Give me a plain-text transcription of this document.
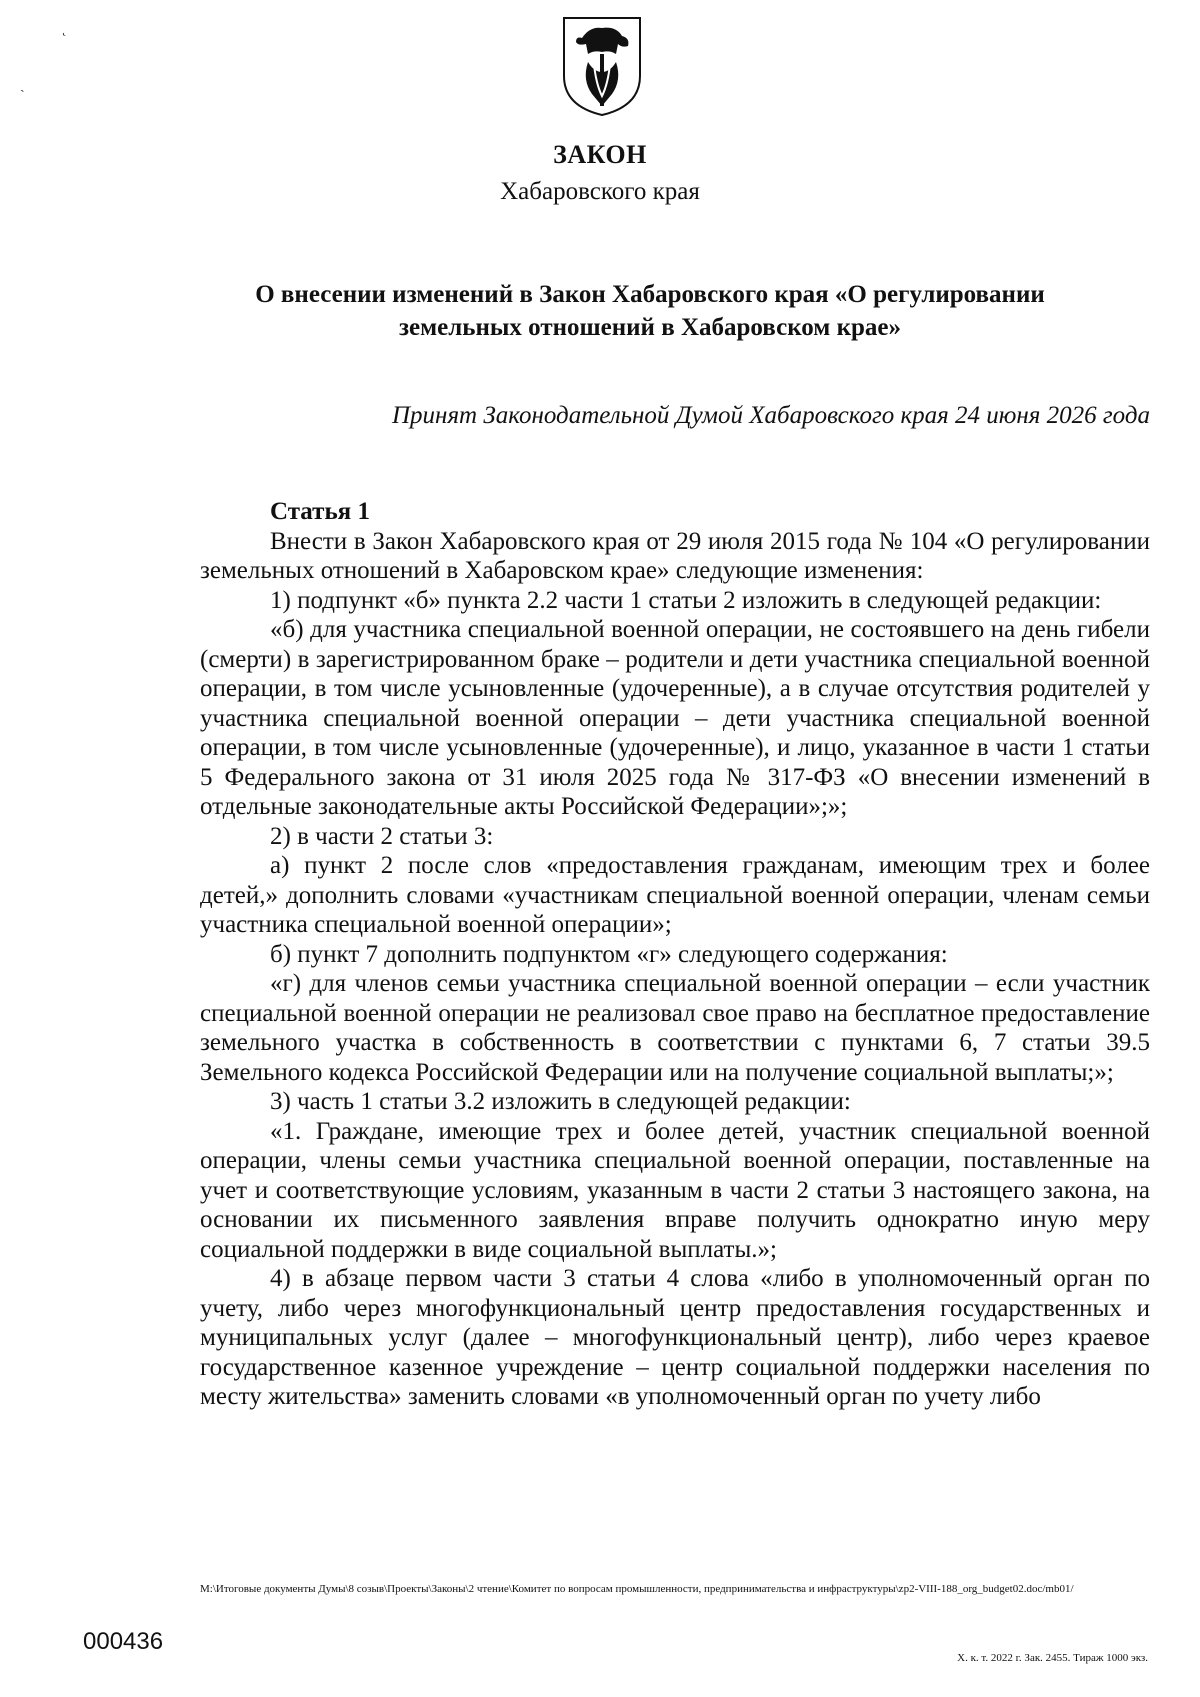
˛
ˏ
ЗАКОН
Хабаровского края
О внесении изменений в Закон Хабаровского края «О регулировании
земельных отношений в Хабаровском крае»
Принят Законодательной Думой Хабаровского края 24 июня 2026 года

Статья 1

Внести в Закон Хабаровского края от 29 июля 2015 года № 104 «О регулировании земельных отношений в Хабаровском крае» следующие изменения:

1) подпункт «б» пункта 2.2 части 1 статьи 2 изложить в следующей редакции:

«б) для участника специальной военной операции, не состоявшего на день гибели (смерти) в зарегистрированном браке – родители и дети участника специальной военной операции, в том числе усыновленные (удочеренные), а в случае отсутствия родителей у участника специальной военной операции – дети участника специальной военной операции, в том числе усыновленные (удочеренные), и лицо, указанное в части 1 статьи 5 Федерального закона от 31 июля 2025 года № 317-ФЗ «О внесении изменений в отдельные законодательные акты Российской Федерации»;»;

2) в части 2 статьи 3:

а) пункт 2 после слов «предоставления гражданам, имеющим трех и более детей,» дополнить словами «участникам специальной военной операции, членам семьи участника специальной военной операции»;

б) пункт 7 дополнить подпунктом «г» следующего содержания:

«г) для членов семьи участника специальной военной операции – если участник специальной военной операции не реализовал свое право на бесплатное предоставление земельного участка в собственность в соответствии с пунктами 6, 7 статьи 39.5 Земельного кодекса Российской Федерации или на получение социальной выплаты;»;

3) часть 1 статьи 3.2 изложить в следующей редакции:

«1. Граждане, имеющие трех и более детей, участник специальной военной операции, члены семьи участника специальной военной операции, поставленные на учет и соответствующие условиям, указанным в части 2 статьи 3 настоящего закона, на основании их письменного заявления вправе получить однократно иную меру социальной поддержки в виде социальной выплаты.»;

4) в абзаце первом части 3 статьи 4 слова «либо в уполномоченный орган по учету, либо через многофункциональный центр предоставления государственных и муниципальных услуг (далее – многофункциональный центр), либо через краевое государственное казенное учреждение – центр социальной поддержки населения по месту жительства» заменить словами «в уполномоченный орган по учету либо

М:\Итоговые документы Думы\8 созыв\Проекты\Законы\2 чтение\Комитет по вопросам промышленности, предпринимательства и инфраструктуры\zp2-VIII-188_org_budget02.doc/mb01/
000436
Х. к. т. 2022 г. Зак. 2455. Тираж 1000 экз.
